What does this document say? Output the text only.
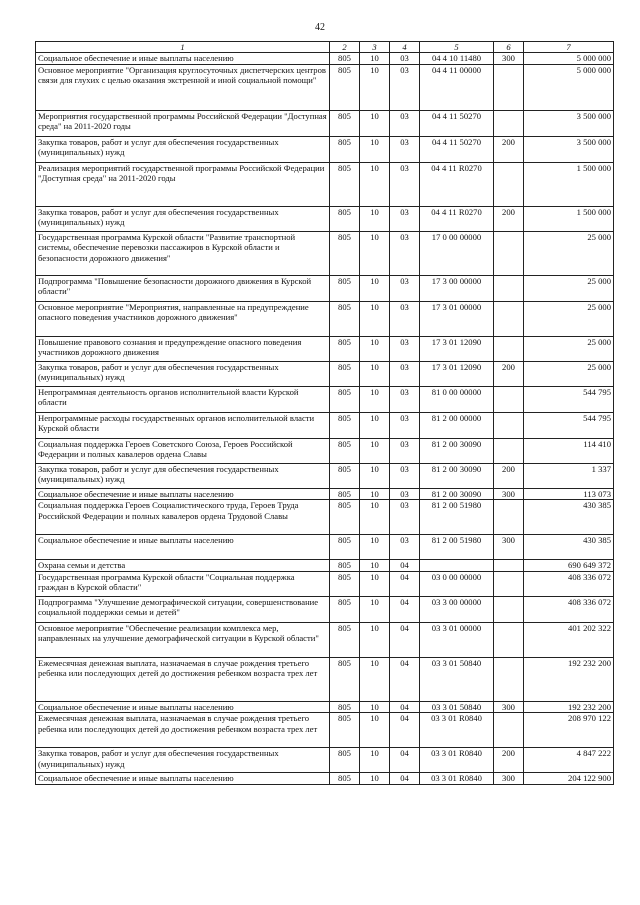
42
1	2	3	4	5	6	7
Социальное обеспечение и иные выплаты населению	805	10	03	04 4 10 11480	300	5 000 000
Основное мероприятие "Организация круглосуточных диспетчерских центров связи для глухих с целью оказания экстренной и иной социальной помощи"	805	10	03	04 4 11 00000		5 000 000
Мероприятия государственной программы Российской Федерации "Доступная среда" на 2011-2020 годы	805	10	03	04 4 11 50270		3 500 000
Закупка товаров, работ и услуг для обеспечения государственных (муниципальных) нужд	805	10	03	04 4 11 50270	200	3 500 000
Реализация мероприятий государственной программы Российской Федерации "Доступная среда" на 2011-2020 годы	805	10	03	04 4 11 R0270		1 500 000
Закупка товаров, работ и услуг для обеспечения государственных (муниципальных) нужд	805	10	03	04 4 11 R0270	200	1 500 000
Государственная программа Курской области "Развитие транспортной системы, обеспечение перевозки пассажиров в Курской области и безопасности дорожного движения"	805	10	03	17 0 00 00000		25 000
Подпрограмма "Повышение безопасности дорожного движения в Курской области"	805	10	03	17 3 00 00000		25 000
Основное мероприятие "Мероприятия, направленные на предупреждение опасного поведения участников дорожного движения"	805	10	03	17 3 01 00000		25 000
Повышение правового сознания и предупреждение опасного поведения участников дорожного движения	805	10	03	17 3 01 12090		25 000
Закупка товаров, работ и услуг для обеспечения государственных (муниципальных) нужд	805	10	03	17 3 01 12090	200	25 000
Непрограммная деятельность органов исполнительной власти Курской области	805	10	03	81 0 00 00000		544 795
Непрограммные расходы государственных органов исполнительной власти Курской области	805	10	03	81 2 00 00000		544 795
Социальная поддержка Героев Советского Союза, Героев Российской Федерации и полных кавалеров ордена Славы	805	10	03	81 2 00 30090		114 410
Закупка товаров, работ и услуг для обеспечения государственных (муниципальных) нужд	805	10	03	81 2 00 30090	200	1 337
Социальное обеспечение и иные выплаты населению	805	10	03	81 2 00 30090	300	113 073
Социальная поддержка Героев Социалистического труда, Героев Труда Российской Федерации и полных кавалеров ордена Трудовой Славы	805	10	03	81 2 00 51980		430 385
Социальное обеспечение и иные выплаты населению	805	10	03	81 2 00 51980	300	430 385
Охрана семьи и детства	805	10	04			690 649 372
Государственная программа Курской области "Социальная поддержка граждан в Курской области"	805	10	04	03 0 00 00000		408 336 072
Подпрограмма "Улучшение демографической ситуации, совершенствование социальной поддержки семьи и детей"	805	10	04	03 3 00 00000		408 336 072
Основное мероприятие "Обеспечение реализации комплекса мер, направленных на улучшение демографической ситуации в Курской области"	805	10	04	03 3 01 00000		401 202 322
Ежемесячная денежная выплата, назначаемая в случае рождения третьего ребенка или последующих детей до достижения ребенком возраста трех лет	805	10	04	03 3 01 50840		192 232 200
Социальное обеспечение и иные выплаты населению	805	10	04	03 3 01 50840	300	192 232 200
Ежемесячная денежная выплата, назначаемая в случае рождения третьего ребенка или последующих детей до достижения ребенком возраста трех лет	805	10	04	03 3 01 R0840		208 970 122
Закупка товаров, работ и услуг для обеспечения государственных (муниципальных) нужд	805	10	04	03 3 01 R0840	200	4 847 222
Социальное обеспечение и иные выплаты населению	805	10	04	03 3 01 R0840	300	204 122 900
